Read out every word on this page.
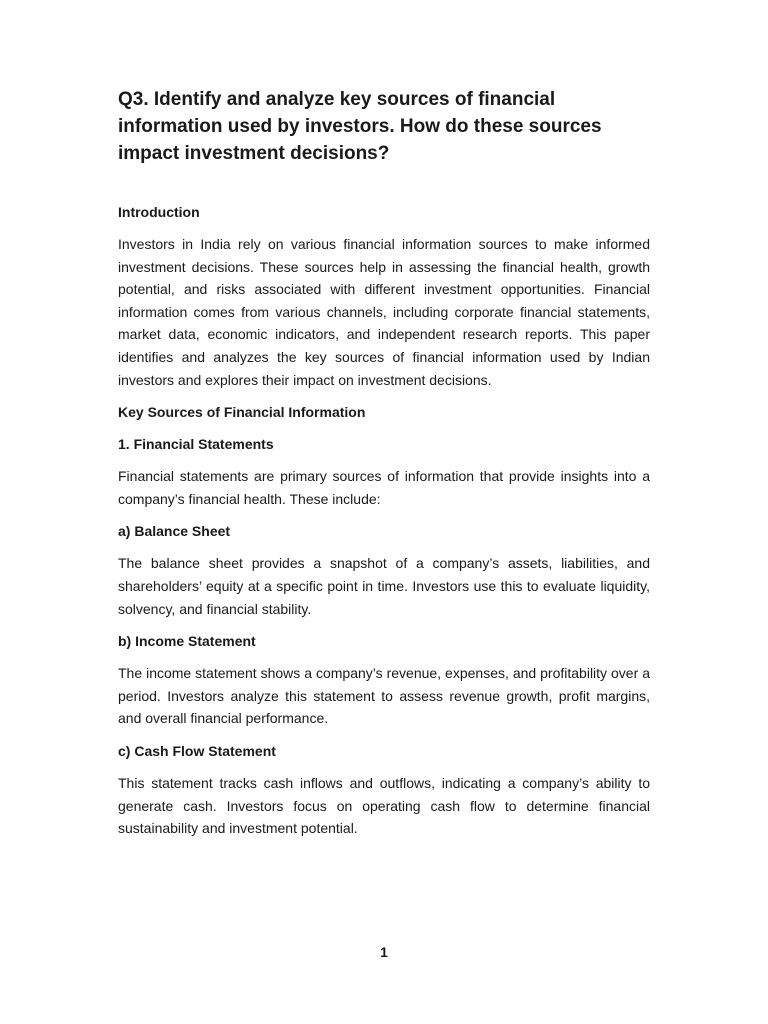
Q3. Identify and analyze key sources of financial information used by investors. How do these sources impact investment decisions?
Introduction

Investors in India rely on various financial information sources to make informed investment decisions. These sources help in assessing the financial health, growth potential, and risks associated with different investment opportunities. Financial information comes from various channels, including corporate financial statements, market data, economic indicators, and independent research reports. This paper identifies and analyzes the key sources of financial information used by Indian investors and explores their impact on investment decisions.

Key Sources of Financial Information
1. Financial Statements

Financial statements are primary sources of information that provide insights into a company’s financial health. These include:

a) Balance Sheet

The balance sheet provides a snapshot of a company’s assets, liabilities, and shareholders’ equity at a specific point in time. Investors use this to evaluate liquidity, solvency, and financial stability.

b) Income Statement

The income statement shows a company’s revenue, expenses, and profitability over a period. Investors analyze this statement to assess revenue growth, profit margins, and overall financial performance.

c) Cash Flow Statement

This statement tracks cash inflows and outflows, indicating a company’s ability to generate cash. Investors focus on operating cash flow to determine financial sustainability and investment potential.

1
